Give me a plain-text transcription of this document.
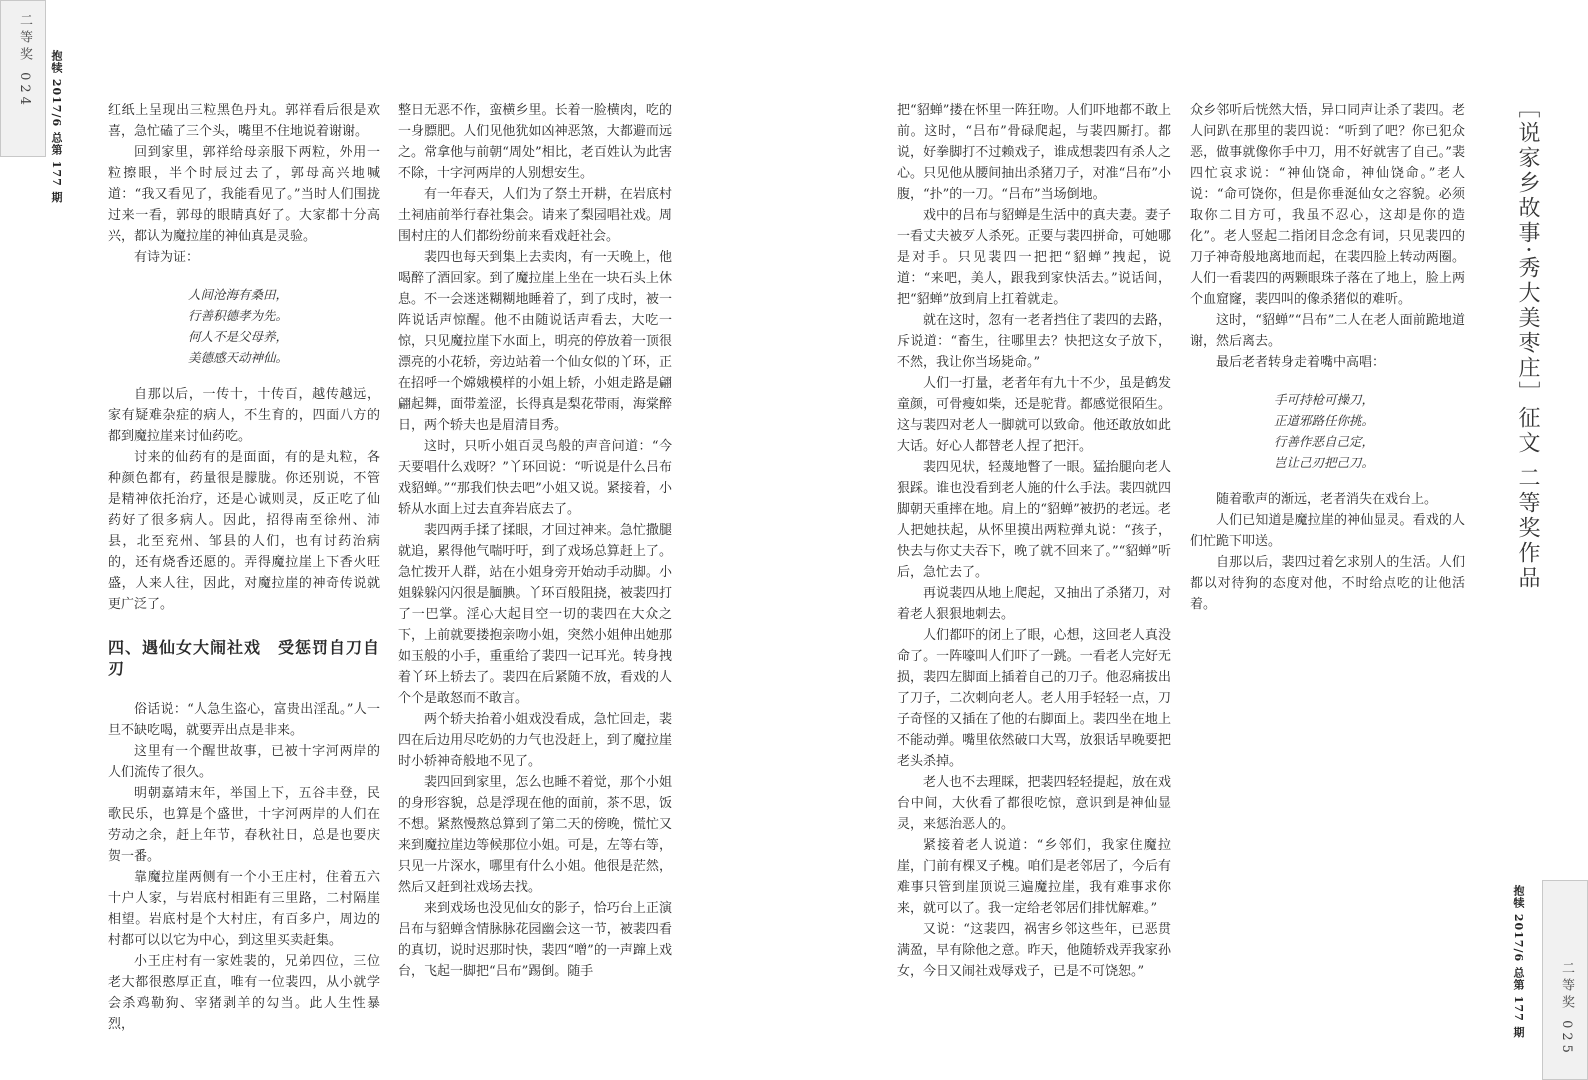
二等奖 024 抱犊 2017/6 总第 177 期
二等奖 025
抱犊 2017/6 总第 177 期
［说家乡故事·秀大美枣庄］征文 二等奖作品

红纸上呈现出三粒黑色丹丸。郭祥看后很是欢喜，急忙磕了三个头，嘴里不住地说着谢谢。

回到家里，郭祥给母亲服下两粒，外用一粒擦眼，半个时辰过去了，郭母高兴地喊道：“我又看见了，我能看见了。”当时人们围拢过来一看，郭母的眼睛真好了。大家都十分高兴，都认为魔拉崖的神仙真是灵验。

有诗为证：

人间沧海有桑田，
行善积德孝为先。
何人不是父母养，
美德感天动神仙。

自那以后，一传十，十传百，越传越远，家有疑难杂症的病人，不生育的，四面八方的都到魔拉崖来讨仙药吃。

讨来的仙药有的是面面，有的是丸粒，各种颜色都有，药量很是朦胧。你还别说，不管是精神依托治疗，还是心诚则灵，反正吃了仙药好了很多病人。因此，招得南至徐州、沛县，北至兖州、邹县的人们，也有讨药治病的，还有烧香还愿的。弄得魔拉崖上下香火旺盛，人来人往，因此，对魔拉崖的神奇传说就更广泛了。

四、遇仙女大闹社戏　受惩罚自刀自刃

俗话说：“人急生盗心，富贵出淫乱。”人一旦不缺吃喝，就要弄出点是非来。

这里有一个醒世故事，已被十字河两岸的人们流传了很久。

明朝嘉靖末年，举国上下，五谷丰登，民歌民乐，也算是个盛世，十字河两岸的人们在劳动之余，赶上年节，春秋社日，总是也要庆贺一番。

靠魔拉崖两侧有一个小王庄村，住着五六十户人家，与岩底村相距有三里路，二村隔崖相望。岩底村是个大村庄，有百多户，周边的村都可以以它为中心，到这里买卖赶集。

小王庄村有一家姓裴的，兄弟四位，三位老大都很憨厚正直，唯有一位裴四，从小就学会杀鸡勒狗、宰猪剥羊的勾当。此人生性暴烈，

整日无恶不作，蛮横乡里。长着一脸横肉，吃的一身膘肥。人们见他犹如凶神恶煞，大都避而远之。常拿他与前朝“周处”相比，老百姓认为此害不除，十字河两岸的人别想安生。

有一年春天，人们为了祭土开耕，在岩底村土祠庙前举行春社集会。请来了梨园唱社戏。周围村庄的人们都纷纷前来看戏赶社会。

裴四也每天到集上去卖肉，有一天晚上，他喝醉了酒回家。到了魔拉崖上坐在一块石头上休息。不一会迷迷糊糊地睡着了，到了戌时，被一阵说话声惊醒。他不由随说话声看去，大吃一惊，只见魔拉崖下水面上，明亮的停放着一顶很漂亮的小花轿，旁边站着一个仙女似的丫环，正在招呼一个嫦娥模样的小姐上轿，小姐走路是翩翩起舞，面带羞涩，长得真是梨花带雨，海棠醉日，两个轿夫也是眉清目秀。

这时，只听小姐百灵鸟般的声音问道：“今天要唱什么戏呀？”丫环回说：“听说是什么吕布戏貂蝉。”“那我们快去吧”小姐又说。紧接着，小轿从水面上过去直奔岩底去了。

裴四两手揉了揉眼，才回过神来。急忙撒腿就追，累得他气喘吁吁，到了戏场总算赶上了。急忙拨开人群，站在小姐身旁开始动手动脚。小姐躲躲闪闪很是腼腆。丫环百般阻挠，被裴四打了一巴掌。淫心大起目空一切的裴四在大众之下，上前就要搂抱亲吻小姐，突然小姐伸出她那如玉般的小手，重重给了裴四一记耳光。转身拽着丫环上轿去了。裴四在后紧随不放，看戏的人个个是敢怒而不敢言。

两个轿夫抬着小姐戏没看成，急忙回走，裴四在后边用尽吃奶的力气也没赶上，到了魔拉崖时小轿神奇般地不见了。

裴四回到家里，怎么也睡不着觉，那个小姐的身形容貌，总是浮现在他的面前，茶不思，饭不想。紧熬慢熬总算到了第二天的傍晚，慌忙又来到魔拉崖边等候那位小姐。可是，左等右等，只见一片深水，哪里有什么小姐。他很是茫然，然后又赶到社戏场去找。

来到戏场也没见仙女的影子，恰巧台上正演吕布与貂蝉含情脉脉花园幽会这一节，被裴四看的真切，说时迟那时快，裴四“噌”的一声蹿上戏台，飞起一脚把“吕布”踢倒。随手

把“貂蝉”搂在怀里一阵狂吻。人们吓地都不敢上前。这时，“吕布”骨碌爬起，与裴四厮打。都说，好拳脚打不过赖戏子，谁成想裴四有杀人之心。只见他从腰间抽出杀猪刀子，对准“吕布”小腹，“扑”的一刀。“吕布”当场倒地。

戏中的吕布与貂蝉是生活中的真夫妻。妻子一看丈夫被歹人杀死。正要与裴四拼命，可她哪是对手。只见裴四一把把“貂蝉”拽起，说道：“来吧，美人，跟我到家快活去。”说话间，把“貂蝉”放到肩上扛着就走。

就在这时，忽有一老者挡住了裴四的去路，斥说道：“畜生，往哪里去？快把这女子放下，不然，我让你当场毙命。”

人们一打量，老者年有九十不少，虽是鹤发童颜，可骨瘦如柴，还是驼背。都感觉很陌生。这与裴四对老人一脚就可以致命。他还敢放如此大话。好心人都替老人捏了把汗。

裴四见状，轻蔑地瞥了一眼。猛抬腿向老人狠踩。谁也没看到老人施的什么手法。裴四就四脚朝天重摔在地。肩上的“貂蝉”被扔的老远。老人把她扶起，从怀里摸出两粒弹丸说：“孩子，快去与你丈夫吞下，晚了就不回来了。”“貂蝉”听后，急忙去了。

再说裴四从地上爬起，又抽出了杀猪刀，对着老人狠狠地刺去。

人们都吓的闭上了眼，心想，这回老人真没命了。一阵嚎叫人们吓了一跳。一看老人完好无损，裴四左脚面上插着自己的刀子。他忍痛拔出了刀子，二次刺向老人。老人用手轻轻一点，刀子奇怪的又插在了他的右脚面上。裴四坐在地上不能动弹。嘴里依然破口大骂，放狠话早晚要把老头杀掉。

老人也不去理睬，把裴四轻轻提起，放在戏台中间，大伙看了都很吃惊，意识到是神仙显灵，来惩治恶人的。

紧接着老人说道：“乡邻们，我家住魔拉崖，门前有棵叉子槐。咱们是老邻居了，今后有难事只管到崖顶说三遍魔拉崖，我有难事求你来，就可以了。我一定给老邻居们排忧解难。”

又说：“这裴四，祸害乡邻这些年，已恶贯满盈，早有除他之意。昨天，他随轿戏弄我家孙女，今日又闹社戏辱戏子，已是不可饶恕。”

众乡邻听后恍然大悟，异口同声让杀了裴四。老人问趴在那里的裴四说：“听到了吧？你已犯众恶，做事就像你手中刀，用不好就害了自己。”裴四忙哀求说：“神仙饶命，神仙饶命。”老人说：“命可饶你，但是你垂涎仙女之容貌。必须取你二目方可，我虽不忍心，这却是你的造化”。老人竖起二指闭目念念有词，只见裴四的刀子神奇般地离地而起，在裴四脸上转动两圈。人们一看裴四的两颗眼珠子落在了地上，脸上两个血窟窿，裴四叫的像杀猪似的难听。

这时，“貂蝉”“吕布”二人在老人面前跪地道谢，然后离去。

最后老者转身走着嘴中高唱：

手可持枪可操刀，
正道邪路任你挑。
行善作恶自己定，
岂让己刃把己刀。

随着歌声的渐远，老者消失在戏台上。

人们已知道是魔拉崖的神仙显灵。看戏的人们忙跪下叩送。

自那以后，裴四过着乞求别人的生活。人们都以对待狗的态度对他，不时给点吃的让他活着。
